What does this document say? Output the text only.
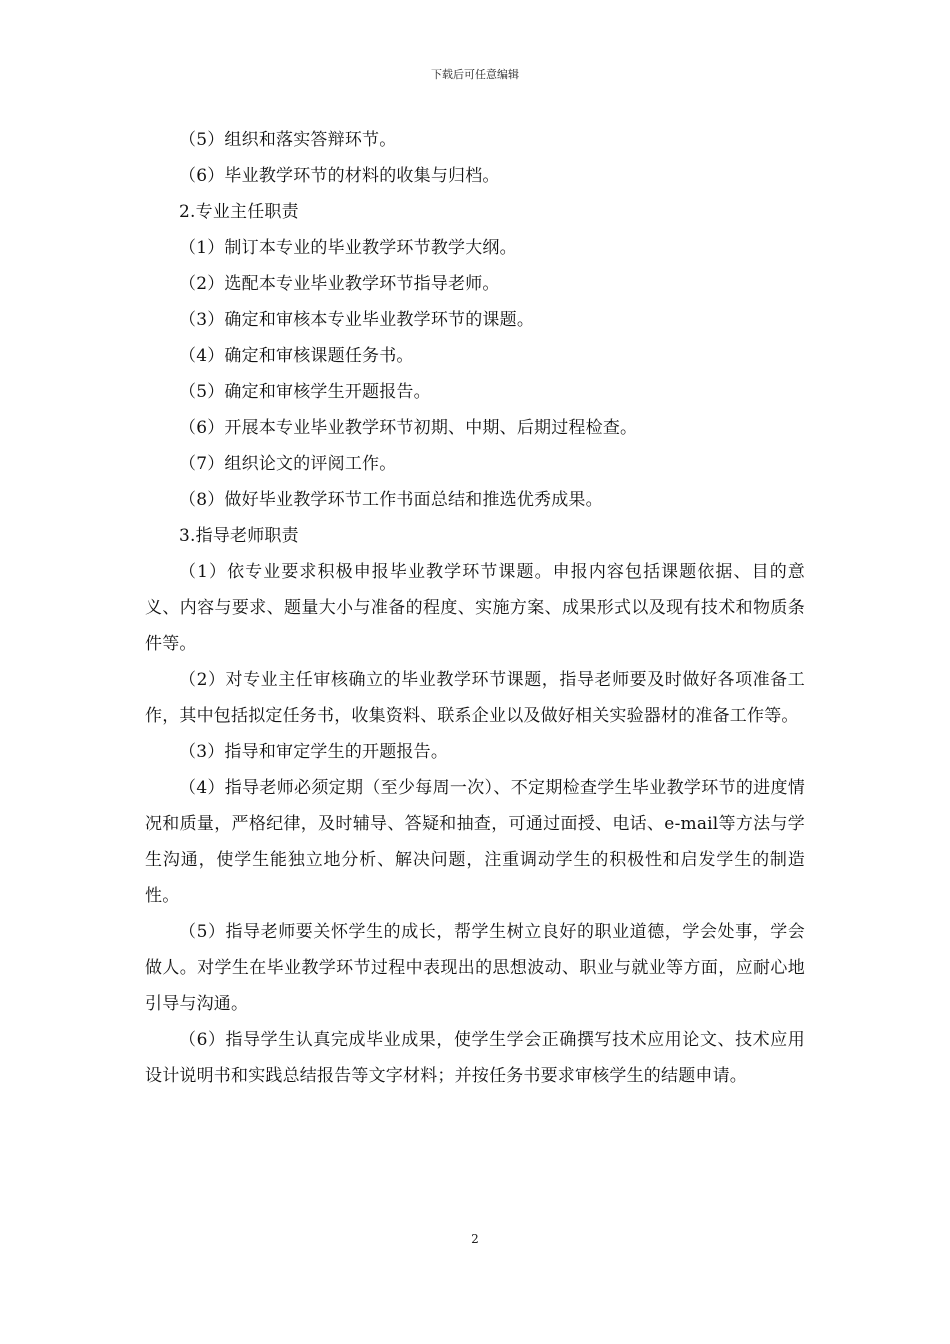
下载后可任意编辑

（5）组织和落实答辩环节。

（6）毕业教学环节的材料的收集与归档。

2.专业主任职责

（1）制订本专业的毕业教学环节教学大纲。

（2）选配本专业毕业教学环节指导老师。

（3）确定和审核本专业毕业教学环节的课题。

（4）确定和审核课题任务书。

（5）确定和审核学生开题报告。

（6）开展本专业毕业教学环节初期、中期、后期过程检查。

（7）组织论文的评阅工作。

（8）做好毕业教学环节工作书面总结和推选优秀成果。

3.指导老师职责

（1）依专业要求积极申报毕业教学环节课题。申报内容包括课题依据、目的意义、内容与要求、题量大小与准备的程度、实施方案、成果形式以及现有技术和物质条件等。

（2）对专业主任审核确立的毕业教学环节课题，指导老师要及时做好各项准备工作，其中包括拟定任务书，收集资料、联系企业以及做好相关实验器材的准备工作等。

（3）指导和审定学生的开题报告。

（4）指导老师必须定期（至少每周一次）、不定期检查学生毕业教学环节的进度情况和质量，严格纪律，及时辅导、答疑和抽查，可通过面授、电话、e-mail等方法与学生沟通，使学生能独立地分析、解决问题，注重调动学生的积极性和启发学生的制造性。

（5）指导老师要关怀学生的成长，帮学生树立良好的职业道德，学会处事，学会做人。对学生在毕业教学环节过程中表现出的思想波动、职业与就业等方面，应耐心地引导与沟通。

（6）指导学生认真完成毕业成果，使学生学会正确撰写技术应用论文、技术应用设计说明书和实践总结报告等文字材料；并按任务书要求审核学生的结题申请。

2
